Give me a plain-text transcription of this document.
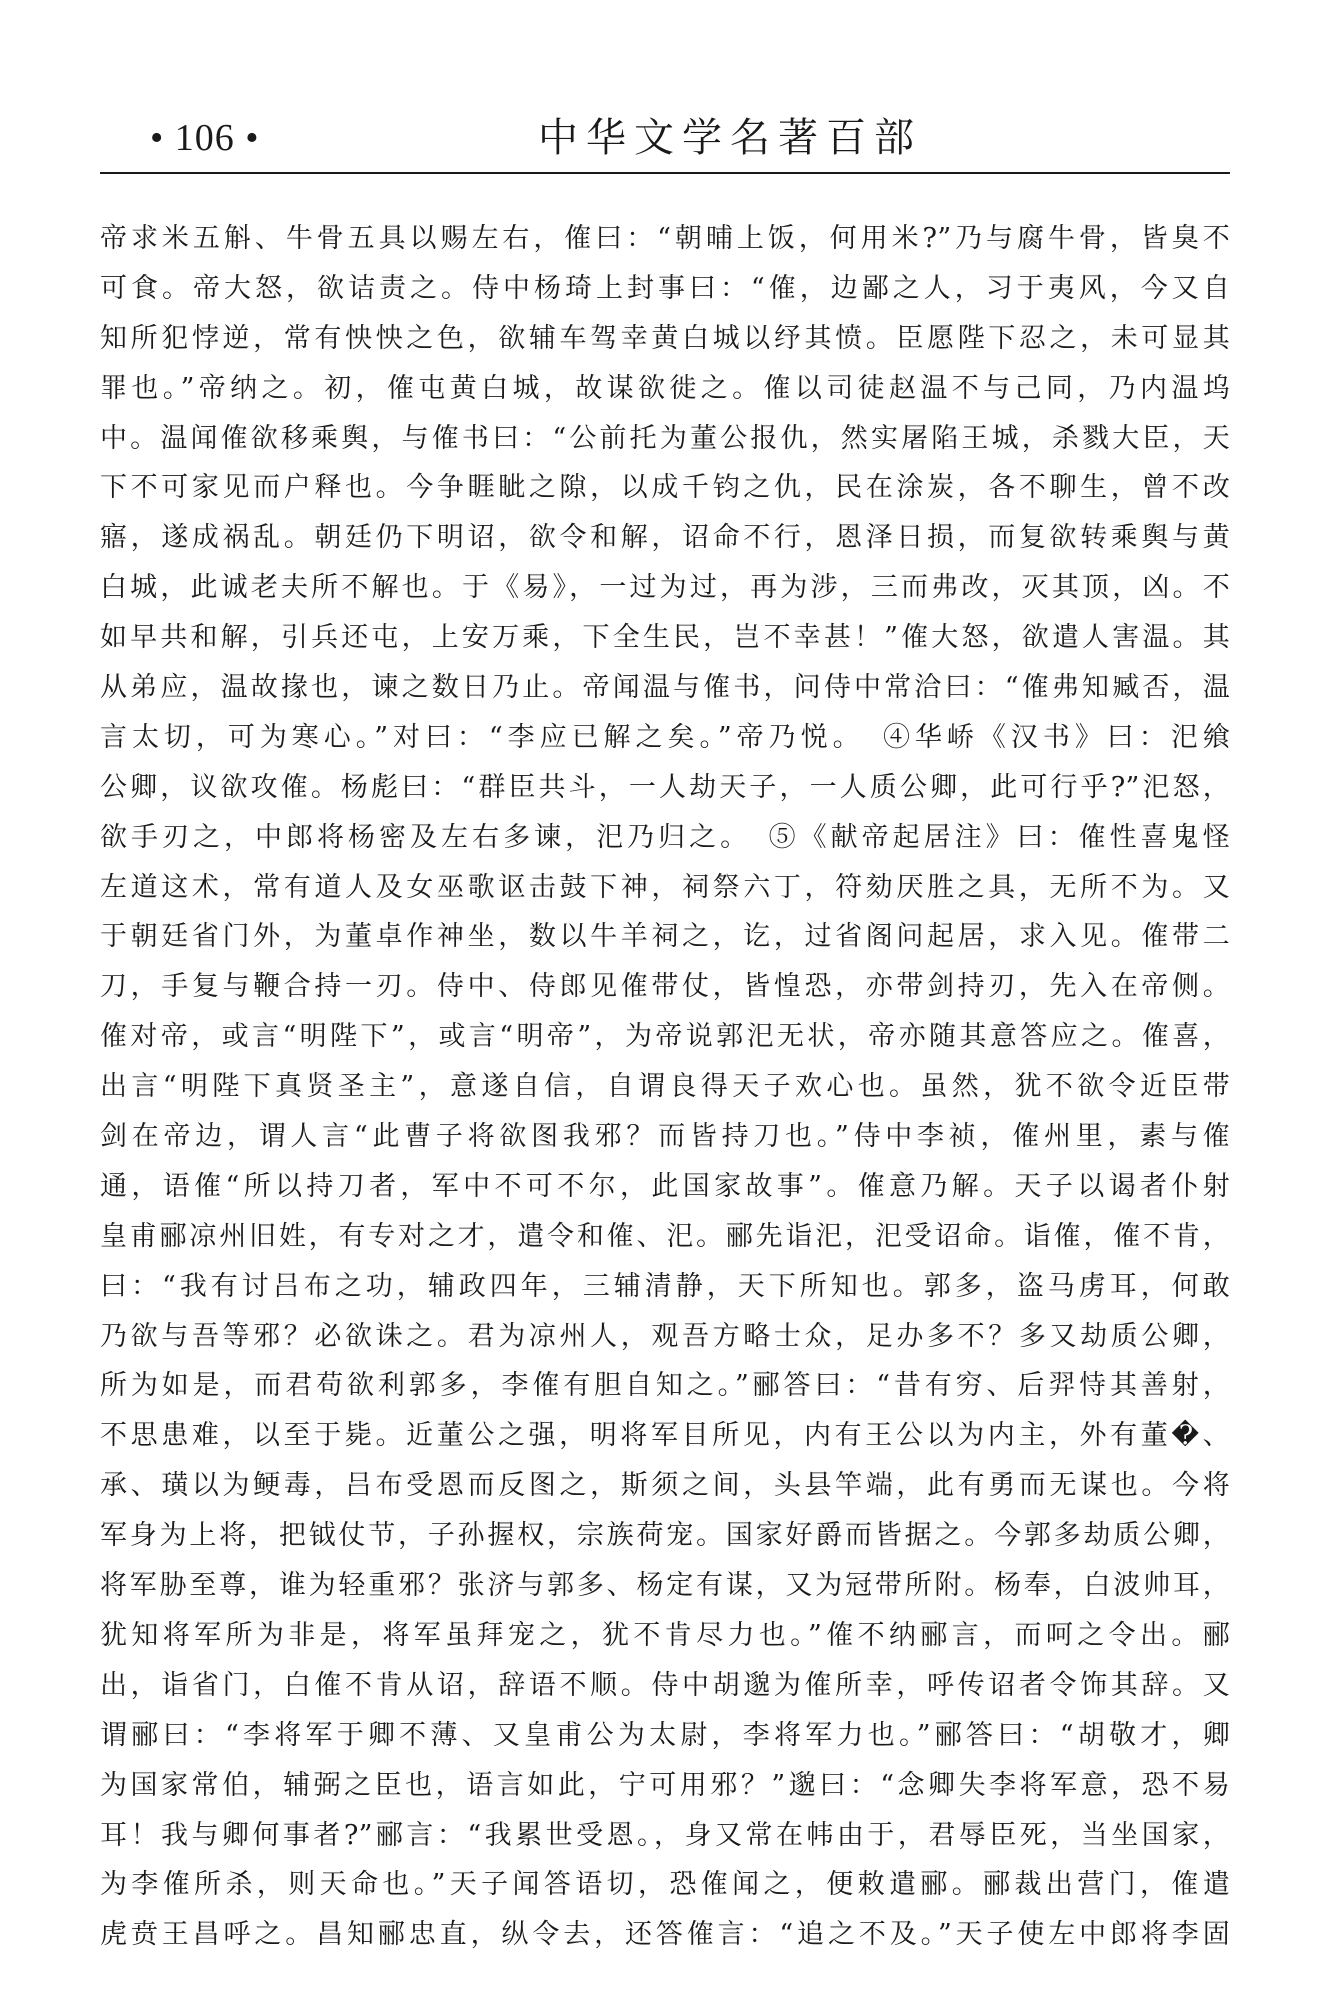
• 106 •	中华文学名著百部
帝求米五斛、牛骨五具以赐左右，傕曰：“朝晡上饭，何用米?”乃与腐牛骨，皆臭不
可食。帝大怒，欲诘责之。侍中杨琦上封事曰：“傕，边鄙之人，习于夷风，今又自
知所犯悖逆，常有怏怏之色，欲辅车驾幸黄白城以纾其愤。臣愿陛下忍之，未可显其
罪也。”帝纳之。初，傕屯黄白城，故谋欲徙之。傕以司徒赵温不与己同，乃内温坞
中。温闻傕欲移乘舆，与傕书曰：“公前托为董公报仇，然实屠陷王城，杀戮大臣，天
下不可家见而户释也。今争睚眦之隙，以成千钧之仇，民在涂炭，各不聊生，曾不改
寤，遂成祸乱。朝廷仍下明诏，欲令和解，诏命不行，恩泽日损，而复欲转乘舆与黄
白城，此诚老夫所不解也。于《易》，一过为过，再为涉，三而弗改，灭其顶，凶。不
如早共和解，引兵还屯，上安万乘，下全生民，岂不幸甚！”傕大怒，欲遣人害温。其
从弟应，温故掾也，谏之数日乃止。帝闻温与傕书，问侍中常洽曰：“傕弗知臧否，温
言太切，可为寒心。”对曰：“李应已解之矣。”帝乃悦。　④华峤《汉书》曰：汜飨
公卿，议欲攻傕。杨彪曰：“群臣共斗，一人劫天子，一人质公卿，此可行乎?”汜怒，
欲手刃之，中郎将杨密及左右多谏，汜乃归之。　⑤《献帝起居注》曰：傕性喜鬼怪
左道这术，常有道人及女巫歌讴击鼓下神，祠祭六丁，符劾厌胜之具，无所不为。又
于朝廷省门外，为董卓作神坐，数以牛羊祠之，讫，过省阁问起居，求入见。傕带二
刀，手复与鞭合持一刃。侍中、侍郎见傕带仗，皆惶恐，亦带剑持刃，先入在帝侧。
傕对帝，或言“明陛下”，或言“明帝”，为帝说郭汜无状，帝亦随其意答应之。傕喜，
出言“明陛下真贤圣主”，意遂自信，自谓良得天子欢心也。虽然，犹不欲令近臣带
剑在帝边，谓人言“此曹子将欲图我邪？而皆持刀也。”侍中李祯，傕州里，素与傕
通，语傕“所以持刀者，军中不可不尔，此国家故事”。傕意乃解。天子以谒者仆射
皇甫郦凉州旧姓，有专对之才，遣令和傕、汜。郦先诣汜，汜受诏命。诣傕，傕不肯，
曰：“我有讨吕布之功，辅政四年，三辅清静，天下所知也。郭多，盗马虏耳，何敢
乃欲与吾等邪？必欲诛之。君为凉州人，观吾方略士众，足办多不？多又劫质公卿，
所为如是，而君苟欲利郭多，李傕有胆自知之。”郦答曰：“昔有穷、后羿恃其善射，
不思患难，以至于毙。近董公之强，明将军目所见，内有王公以为内主，外有董�、
承、璜以为鲠毒，吕布受恩而反图之，斯须之间，头县竿端，此有勇而无谋也。今将
军身为上将，把钺仗节，子孙握权，宗族荷宠。国家好爵而皆据之。今郭多劫质公卿，
将军胁至尊，谁为轻重邪？张济与郭多、杨定有谋，又为冠带所附。杨奉，白波帅耳，
犹知将军所为非是，将军虽拜宠之，犹不肯尽力也。”傕不纳郦言，而呵之令出。郦
出，诣省门，白傕不肯从诏，辞语不顺。侍中胡邈为傕所幸，呼传诏者令饰其辞。又
谓郦曰：“李将军于卿不薄、又皇甫公为太尉，李将军力也。”郦答曰：“胡敬才，卿
为国家常伯，辅弼之臣也，语言如此，宁可用邪？”邈曰：“念卿失李将军意，恐不易
耳！我与卿何事者?”郦言：“我累世受恩。，身又常在帏由于，君辱臣死，当坐国家，
为李傕所杀，则天命也。”天子闻答语切，恐傕闻之，便敕遣郦。郦裁出营门，傕遣
虎贲王昌呼之。昌知郦忠直，纵令去，还答傕言：“追之不及。”天子使左中郎将李固
